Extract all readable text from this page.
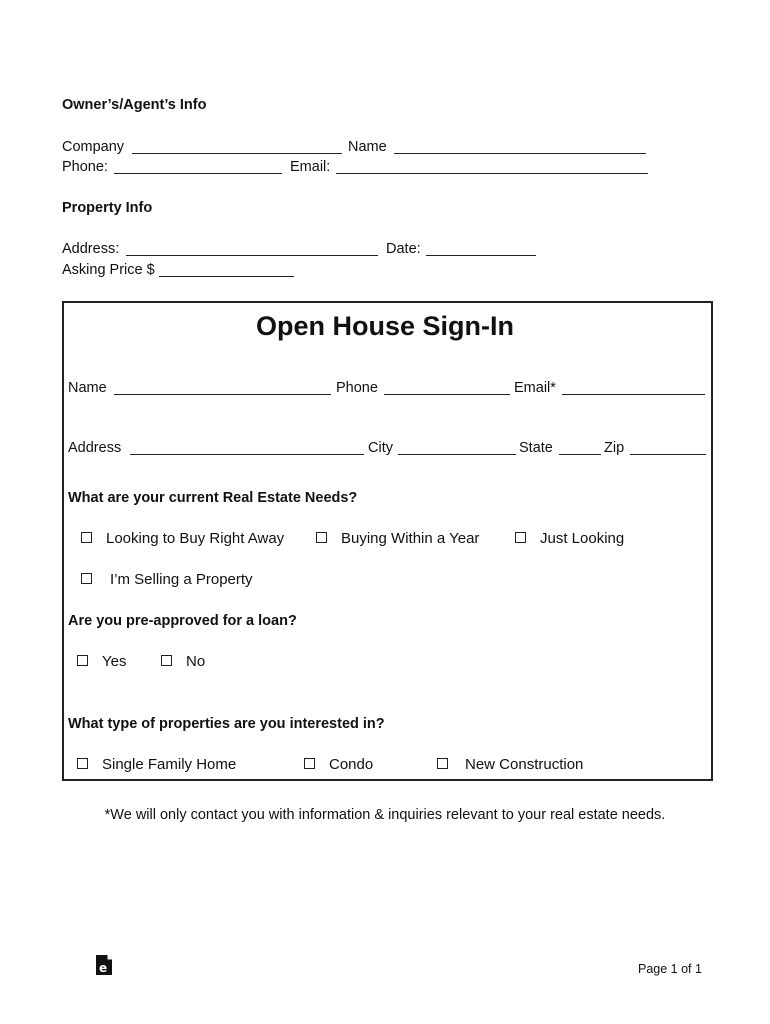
Owner’s/Agent’s Info
Company	Name
Phone:	Email:
Property Info
Address:	Date:
Asking Price $
Open House Sign-In
Name	Phone	Email*
Address	City	State	Zip
What are your current Real Estate Needs?
Looking to Buy Right Away	Buying Within a Year	Just Looking
I’m Selling a Property
Are you pre-approved for a loan?
Yes	No
What type of properties are you interested in?
Single Family Home	Condo	New Construction
*We will only contact you with information & inquiries relevant to your real estate needs.
e	Page 1 of 1
